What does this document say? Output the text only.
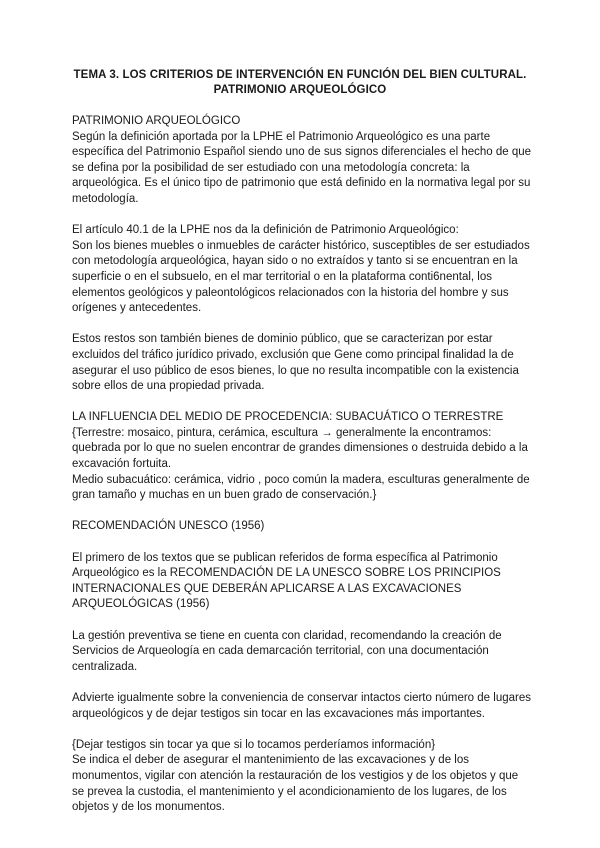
TEMA 3. LOS CRITERIOS DE INTERVENCIÓN EN FUNCIÓN DEL BIEN CULTURAL.
PATRIMONIO ARQUEOLÓGICO

PATRIMONIO ARQUEOLÓGICO

Según la definición aportada por la LPHE el Patrimonio Arqueológico es una parte específica del Patrimonio Español siendo uno de sus signos diferenciales el hecho de que se defina por la posibilidad de ser estudiado con una metodología concreta: la arqueológica. Es el único tipo de patrimonio que está definido en la normativa legal por su metodología.

El artículo 40.1 de la LPHE nos da la definición de Patrimonio Arqueológico:

Son los bienes muebles o inmuebles de carácter histórico, susceptibles de ser estudiados con metodología arqueológica, hayan sido o no extraídos y tanto si se encuentran en la superficie o en el subsuelo, en el mar territorial o en la plataforma conti6nental, los elementos geológicos y paleontológicos relacionados con la historia del hombre y sus orígenes y antecedentes.

Estos restos son también bienes de dominio público, que se caracterizan por estar excluidos del tráfico jurídico privado, exclusión que Gene como principal finalidad la de asegurar el uso público de esos bienes, lo que no resulta incompatible con la existencia sobre ellos de una propiedad privada.

LA INFLUENCIA DEL MEDIO DE PROCEDENCIA: SUBACUÁTICO O TERRESTRE

{Terrestre: mosaico, pintura, cerámica, escultura → generalmente la encontramos: quebrada por lo que no suelen encontrar de grandes dimensiones o destruida debido a la excavación fortuita.

Medio subacuático: cerámica, vidrio , poco común la madera, esculturas generalmente de gran tamaño y muchas en un buen grado de conservación.}

RECOMENDACIÓN UNESCO (1956)

El primero de los textos que se publican referidos de forma específica al Patrimonio Arqueológico es la RECOMENDACIÓN DE LA UNESCO SOBRE LOS PRINCIPIOS INTERNACIONALES QUE DEBERÁN APLICARSE A LAS EXCAVACIONES ARQUEOLÓGICAS (1956)

La gestión preventiva se tiene en cuenta con claridad, recomendando la creación de Servicios de Arqueología en cada demarcación territorial, con una documentación centralizada.

Advierte igualmente sobre la conveniencia de conservar intactos cierto número de lugares arqueológicos y de dejar testigos sin tocar en las excavaciones más importantes.

{Dejar testigos sin tocar ya que si lo tocamos perderíamos información}

Se indica el deber de asegurar el mantenimiento de las excavaciones y de los monumentos, vigilar con atención la restauración de los vestigios y de los objetos y que se prevea la custodia, el mantenimiento y el acondicionamiento de los lugares, de los objetos y de los monumentos.
